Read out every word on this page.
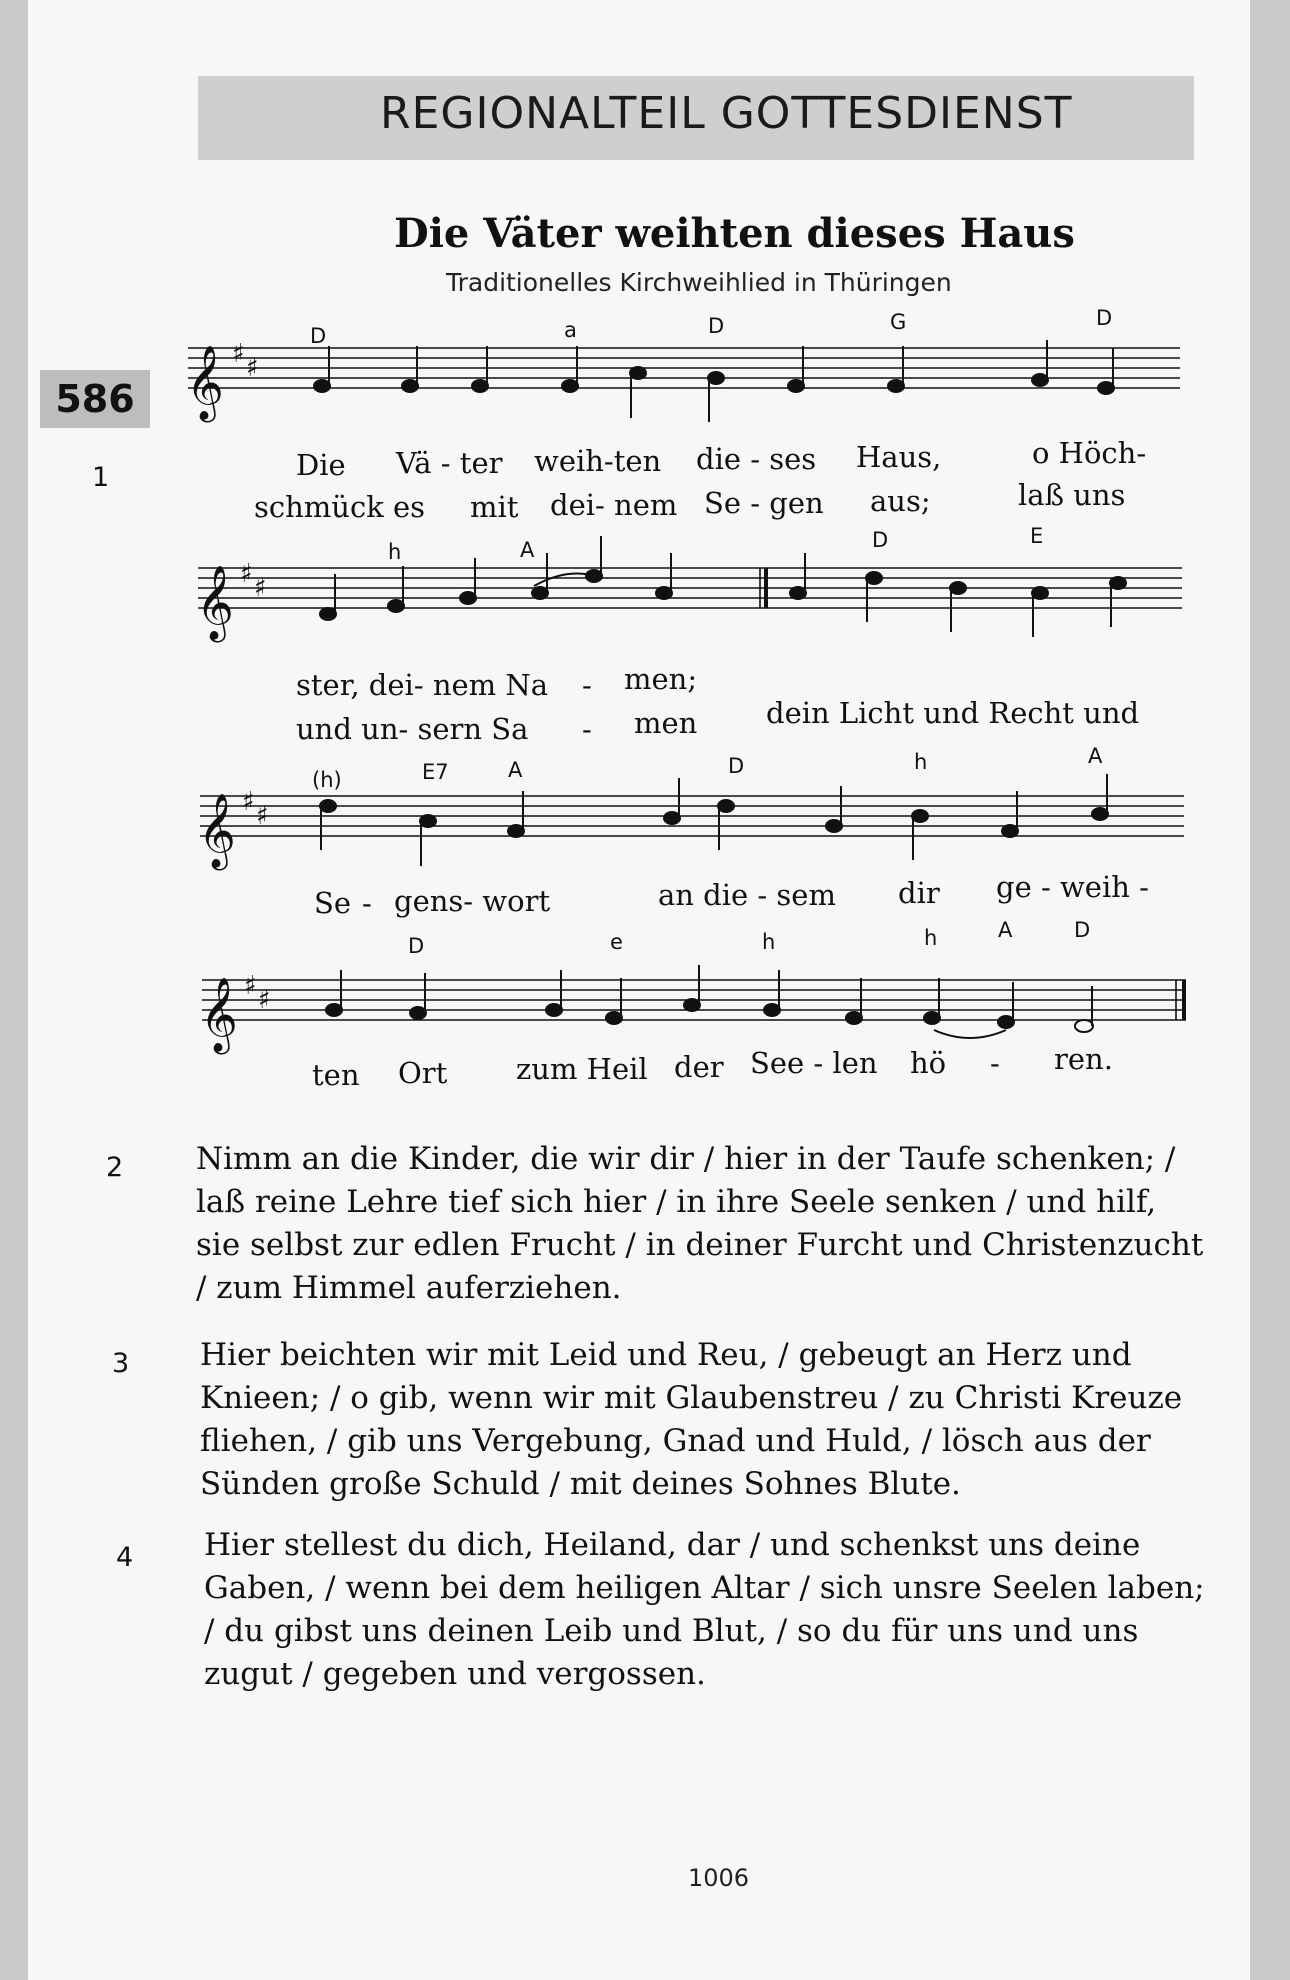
REGIONALTEIL GOTTESDIENST
Die Väter weihten dieses Haus
Traditionelles Kirchweihlied in Thüringen
586
1
𝄞
𝄞
𝄞
𝄞
♯ ♯
♯ ♯
♯ ♯
♯ ♯
D	a	D	G	D
Die Vä - ter weih-ten die - ses Haus,	o Höch-
schmück es mit dei- nem Se - gen aus;	laß uns
h	A	D	E
ster, dei- nem Na - men;
und un- sern Sa - men dein Licht und Recht und
(h)	E7	A	D	h	A
Se - gens- wort	an die - sem dir ge - weih -
D	e	h	h	A	D
ten Ort zum Heil der See - len hö - ren.
2 Nimm an die Kinder, die wir dir / hier in der Taufe schenken; / laß reine Lehre tief sich hier / in ihre Seele senken / und hilf, sie selbst zur edlen Frucht / in deiner Furcht und Christenzucht / zum Himmel auferziehen.
3 Hier beichten wir mit Leid und Reu, / gebeugt an Herz und Knieen; / o gib, wenn wir mit Glaubenstreu / zu Christi Kreuze fliehen, / gib uns Vergebung, Gnad und Huld, / lösch aus der Sünden große Schuld / mit deines Sohnes Blute.
4 Hier stellest du dich, Heiland, dar / und schenkst uns deine Gaben, / wenn bei dem heiligen Altar / sich unsre Seelen laben; / du gibst uns deinen Leib und Blut, / so du für uns und uns zugut / gegeben und vergossen.
1006
